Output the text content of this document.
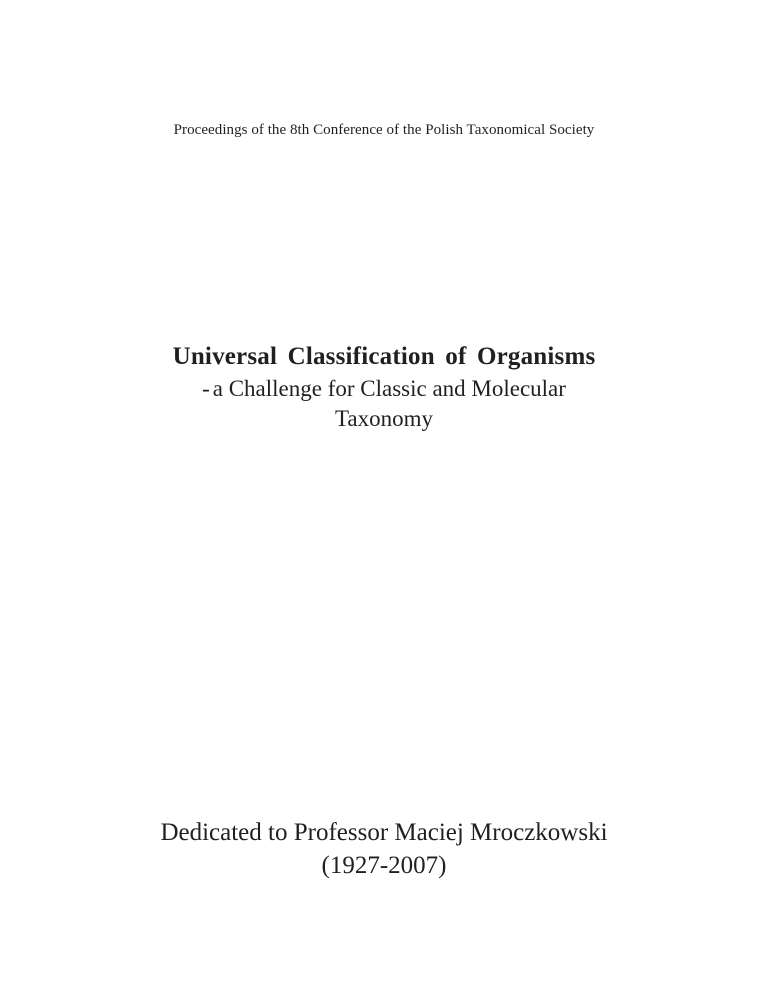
Proceedings of the 8th Conference of the Polish Taxonomical Society
Universal Classification of Organisms

- a Challenge for Classic and Molecular
Taxonomy

Dedicated to Professor Maciej Mroczkowski
(1927-2007)
